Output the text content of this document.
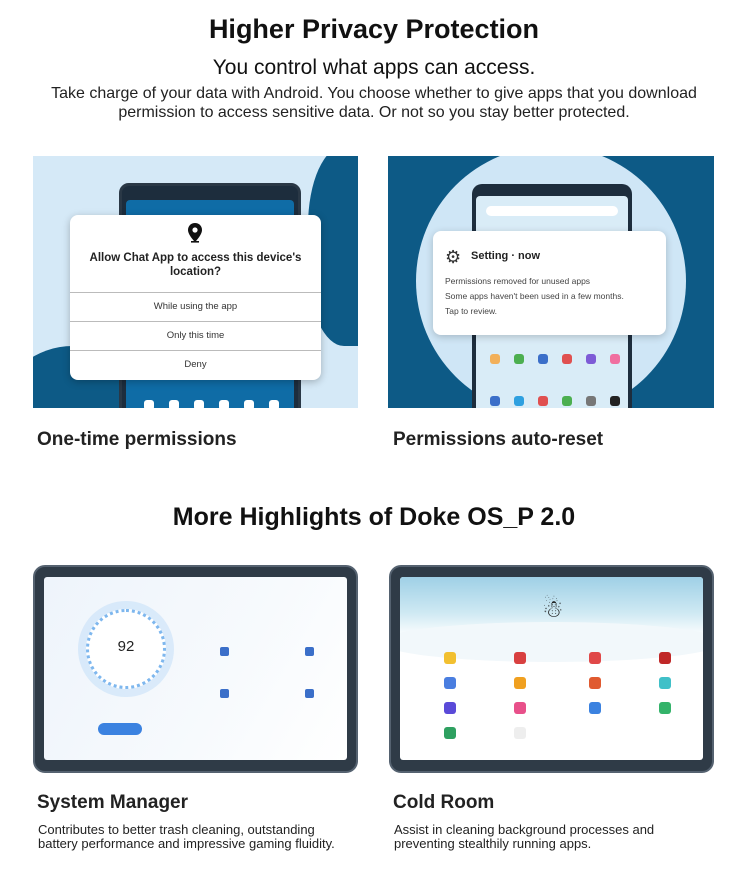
Higher Privacy Protection
You control what apps can access.
Take charge of your data with Android. You choose whether to give apps that you download permission to access sensitive data. Or not so you stay better protected.
Allow Chat App to access this device's location?
While using the app
Only this time
Deny
One-time permissions
⚙ Setting · now
Permissions removed for unused apps
Some apps haven't been used in a few months.
Tap to review.
Permissions auto-reset
More Highlights of Doke OS_P 2.0
92
System Manager
Contributes to better trash cleaning, outstanding battery performance and impressive gaming fluidity.
☃
Cold Room
Assist in cleaning background processes and preventing stealthily running apps.
